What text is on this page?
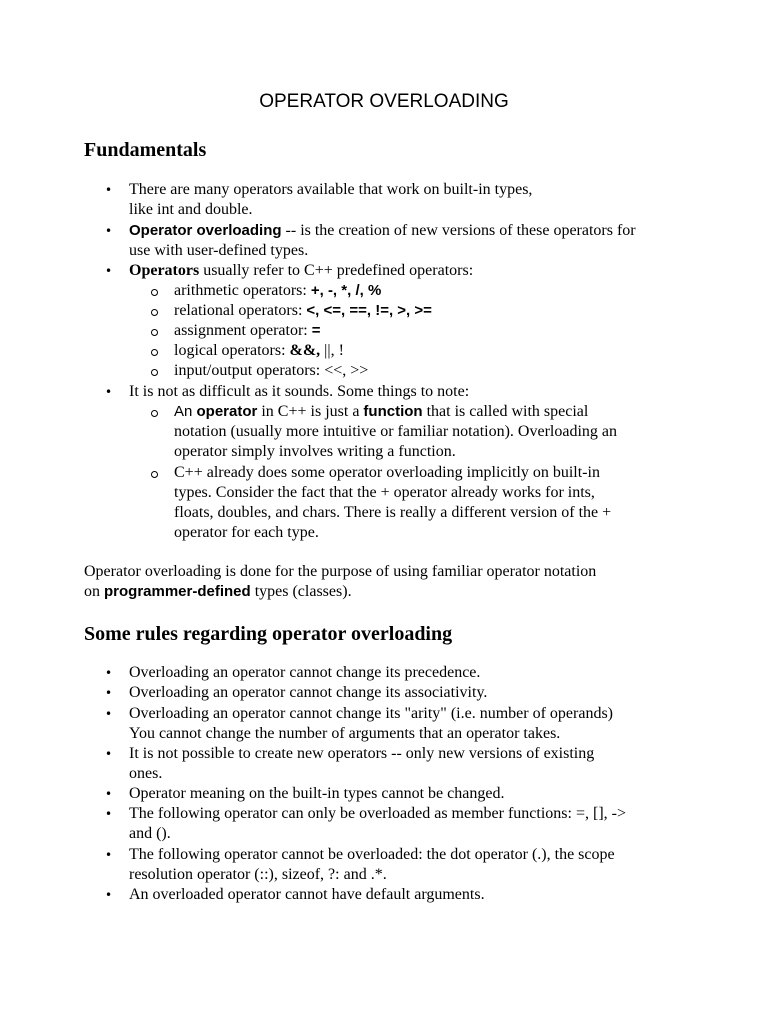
OPERATOR OVERLOADING
Fundamentals
• There are many operators available that work on built-in types,
like int and double.
• Operator overloading -- is the creation of new versions of these operators for
use with user-defined types.
• Operators usually refer to C++ predefined operators:
arithmetic operators: +, -, *, /, %
relational operators: <, <=, ==, !=, >, >=
assignment operator: =
logical operators: &&, ||, !
input/output operators: <<, >>
• It is not as difficult as it sounds. Some things to note:
An operator in C++ is just a function that is called with special
notation (usually more intuitive or familiar notation). Overloading an
operator simply involves writing a function.
C++ already does some operator overloading implicitly on built-in
types. Consider the fact that the + operator already works for ints,
floats, doubles, and chars. There is really a different version of the +
operator for each type.
Operator overloading is done for the purpose of using familiar operator notation
on programmer-defined types (classes).
Some rules regarding operator overloading
• Overloading an operator cannot change its precedence.
• Overloading an operator cannot change its associativity.
• Overloading an operator cannot change its "arity" (i.e. number of operands)
You cannot change the number of arguments that an operator takes.
• It is not possible to create new operators -- only new versions of existing
ones.
• Operator meaning on the built-in types cannot be changed.
• The following operator can only be overloaded as member functions: =, [], ->
and ().
• The following operator cannot be overloaded: the dot operator (.), the scope
resolution operator (::), sizeof, ?: and .*.
• An overloaded operator cannot have default arguments.
